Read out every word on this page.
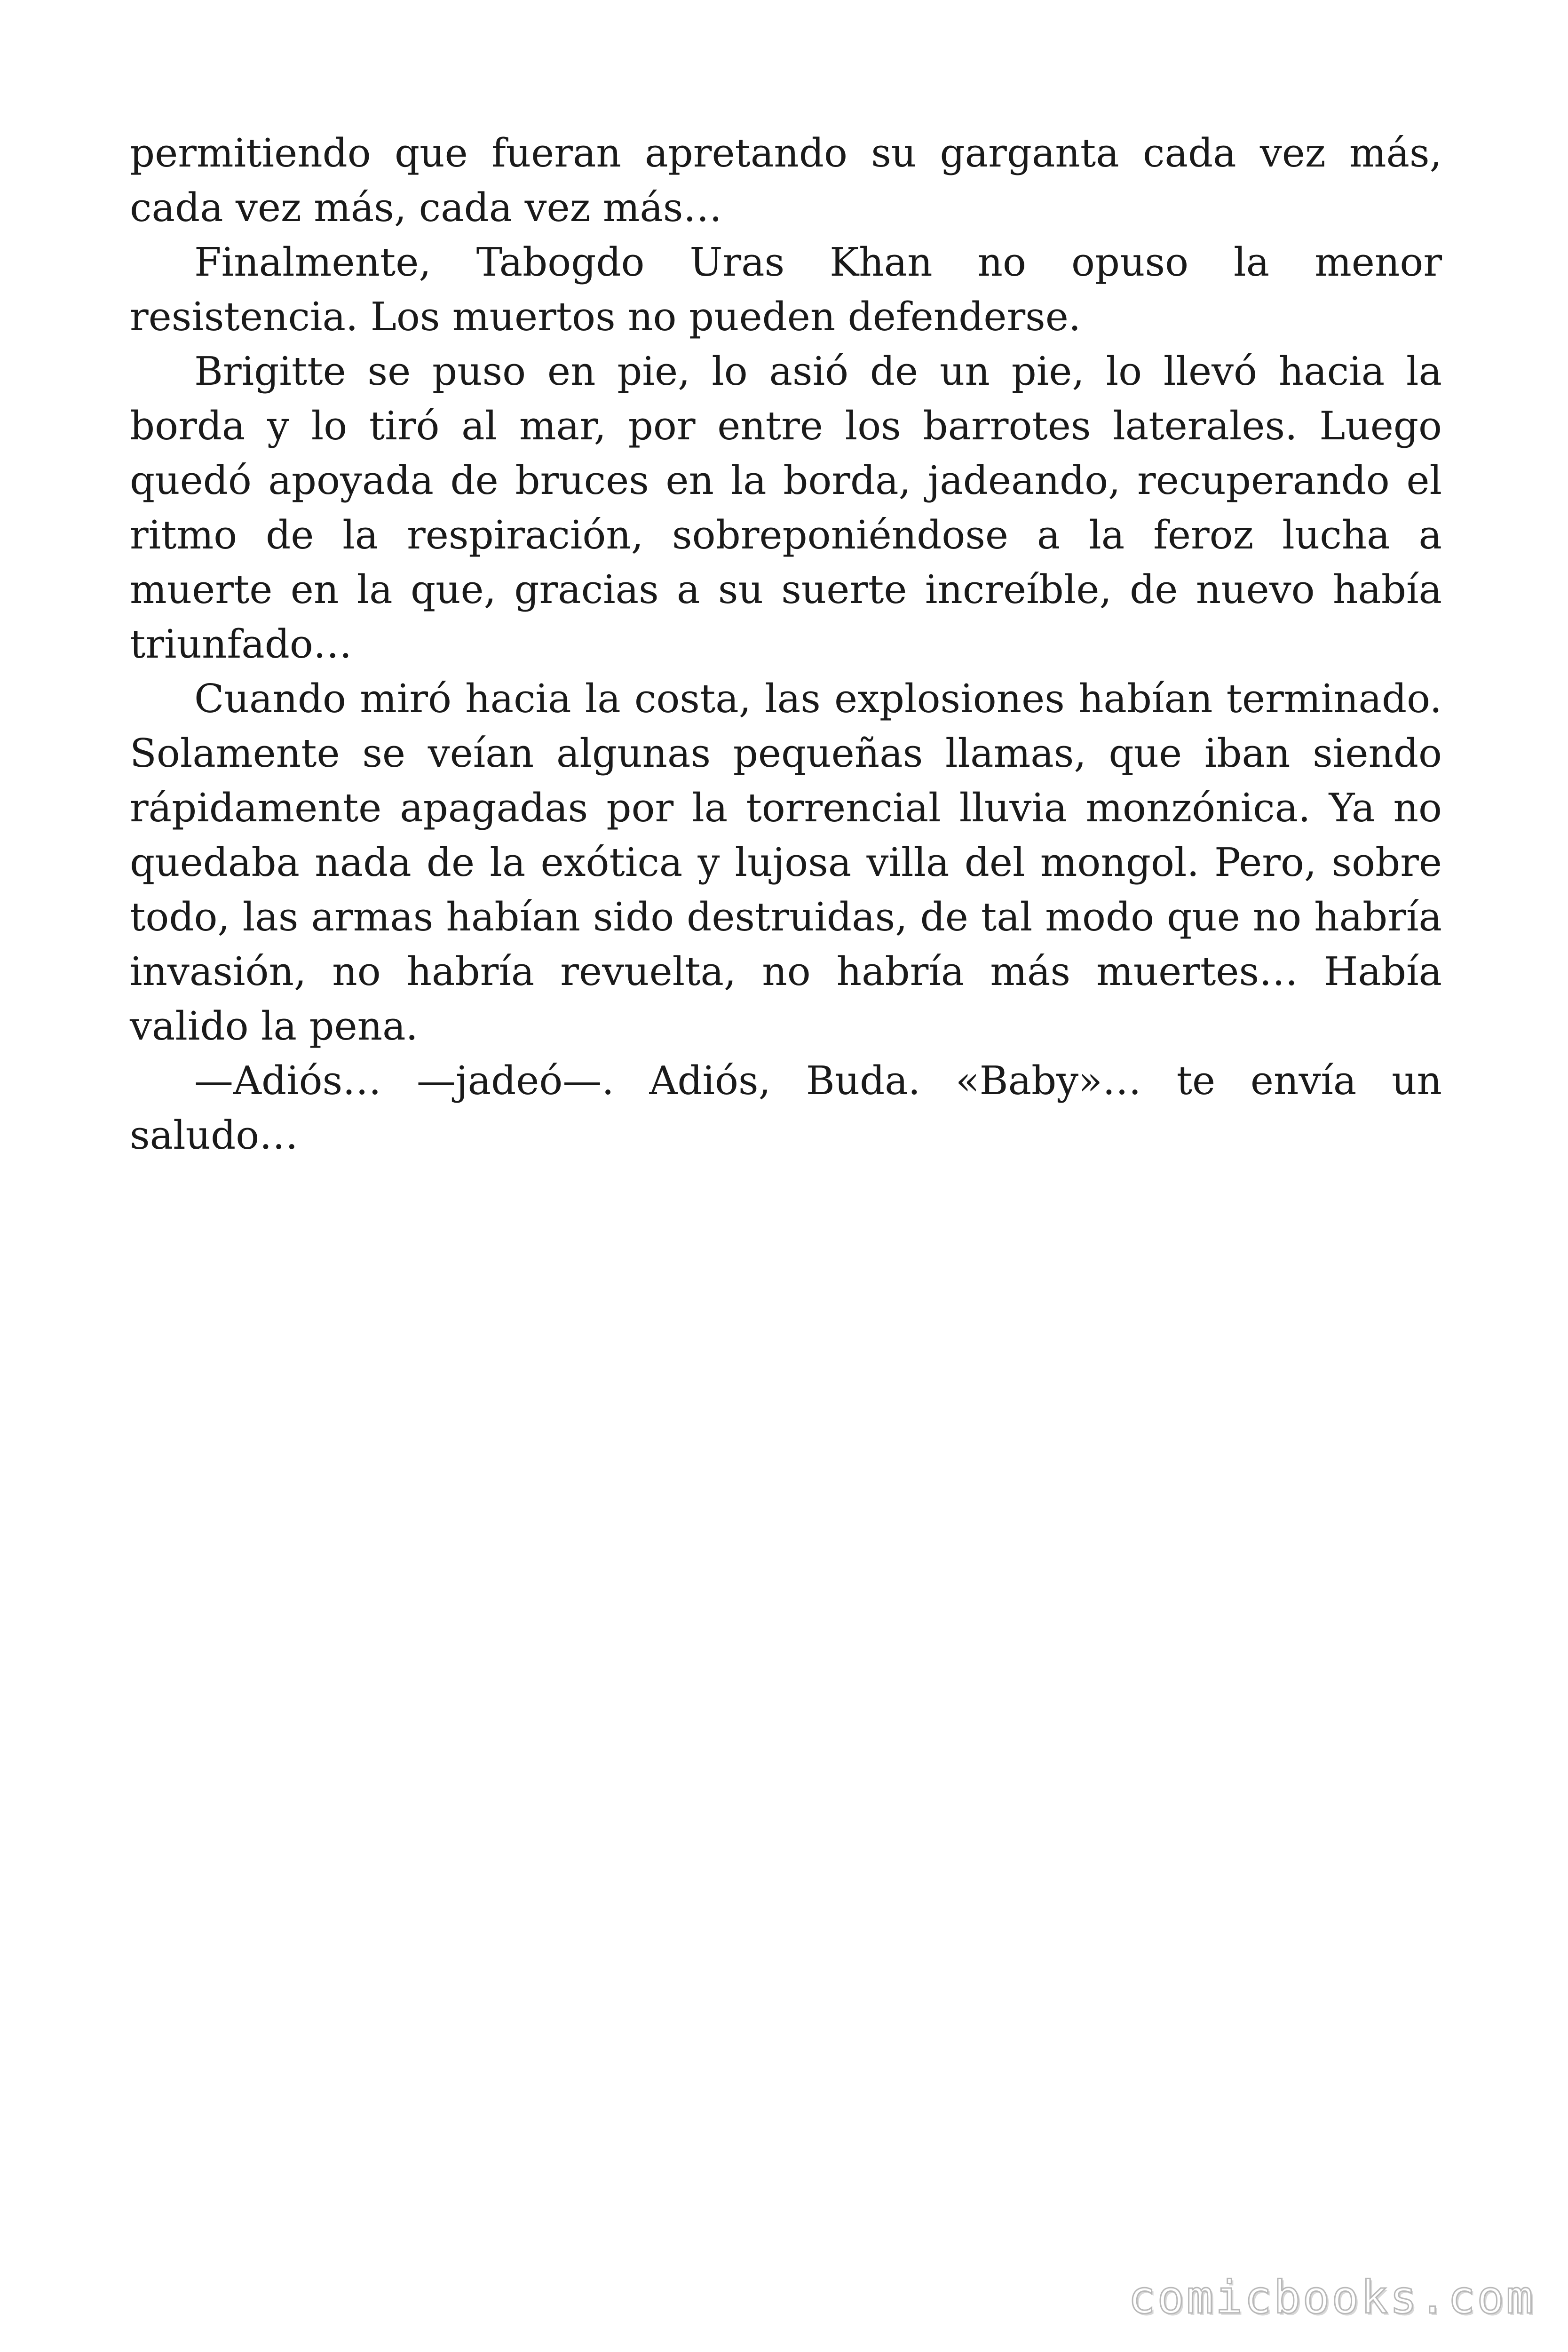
permitiendo que fueran apretando su garganta cada vez más, cada vez más, cada vez más…

Finalmente, Tabogdo Uras Khan no opuso la menor resistencia. Los muertos no pueden defenderse.

Brigitte se puso en pie, lo asió de un pie, lo llevó hacia la borda y lo tiró al mar, por entre los barrotes laterales. Luego quedó apoyada de bruces en la borda, jadeando, recuperando el ritmo de la respiración, sobreponiéndose a la feroz lucha a muerte en la que, gracias a su suerte increíble, de nuevo había triunfado…

Cuando miró hacia la costa, las explosiones habían terminado. Solamente se veían algunas pequeñas llamas, que iban siendo rápidamente apagadas por la torrencial lluvia monzónica. Ya no quedaba nada de la exótica y lujosa villa del mongol. Pero, sobre todo, las armas habían sido destruidas, de tal modo que no habría invasión, no habría revuelta, no habría más muertes… Había valido la pena.

—Adiós… —jadeó—. Adiós, Buda. «Baby»… te envía un saludo…

comicbooks.com
